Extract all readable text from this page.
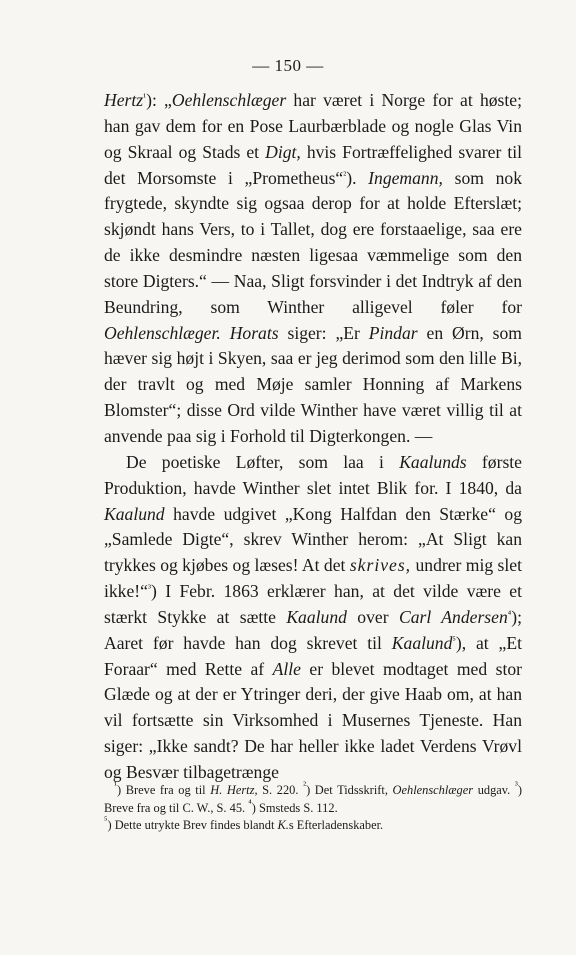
— 150 —

Hertz$^{^1}$): „Oehlenschlæger har været i Norge for at høste; han gav dem for en Pose Laurbærblade og nogle Glas Vin og Skraal og Stads et Digt, hvis Fortræffelighed svarer til det Morsomste i „Prometheus“$^{^2}$). Ingemann, som nok frygtede, skyndte sig ogsaa derop for at holde Efterslæt; skjøndt hans Vers, to i Tallet, dog ere forstaaelige, saa ere de ikke desmindre næsten ligesaa væmmelige som den store Digters.“ — Naa, Sligt forsvinder i det Indtryk af den Beundring, som Winther alligevel føler for Oehlenschlæger. Horats siger: „Er Pindar en Ørn, som hæver sig højt i Skyen, saa er jeg derimod som den lille Bi, der travlt og med Møje samler Honning af Markens Blomster“; disse Ord vilde Winther have været villig til at anvende paa sig i Forhold til Digterkongen. —

De poetiske Løfter, som laa i Kaalunds første Produktion, havde Winther slet intet Blik for. I 1840, da Kaalund havde udgivet „Kong Halfdan den Stærke“ og „Samlede Digte“, skrev Winther herom: „At Sligt kan trykkes og kjøbes og læses! At det skrives, undrer mig slet ikke!“$^{^3}$) I Febr. 1863 erklærer han, at det vilde være et stærkt Stykke at sætte Kaalund over Carl Andersen$^{^4}$); Aaret før havde han dog skrevet til Kaalund$^{^5}$), at „Et Foraar“ med Rette af Alle er blevet modtaget med stor Glæde og at der er Ytringer deri, der give Haab om, at han vil fortsætte sin Virksomhed i Musernes Tjeneste. Han siger: „Ikke sandt? De har heller ikke ladet Verdens Vrøvl og Besvær tilbagetrænge

$^{^1}$) Breve fra og til H. Hertz, S. 220. $^{^2}$) Det Tidsskrift, Oehlenschlæger udgav. $^{^3}$) Breve fra og til C. W., S. 45. $^{^4}$) Smsteds S. 112.

$^{^5}$) Dette utrykte Brev findes blandt K.s Efterladenskaber.
